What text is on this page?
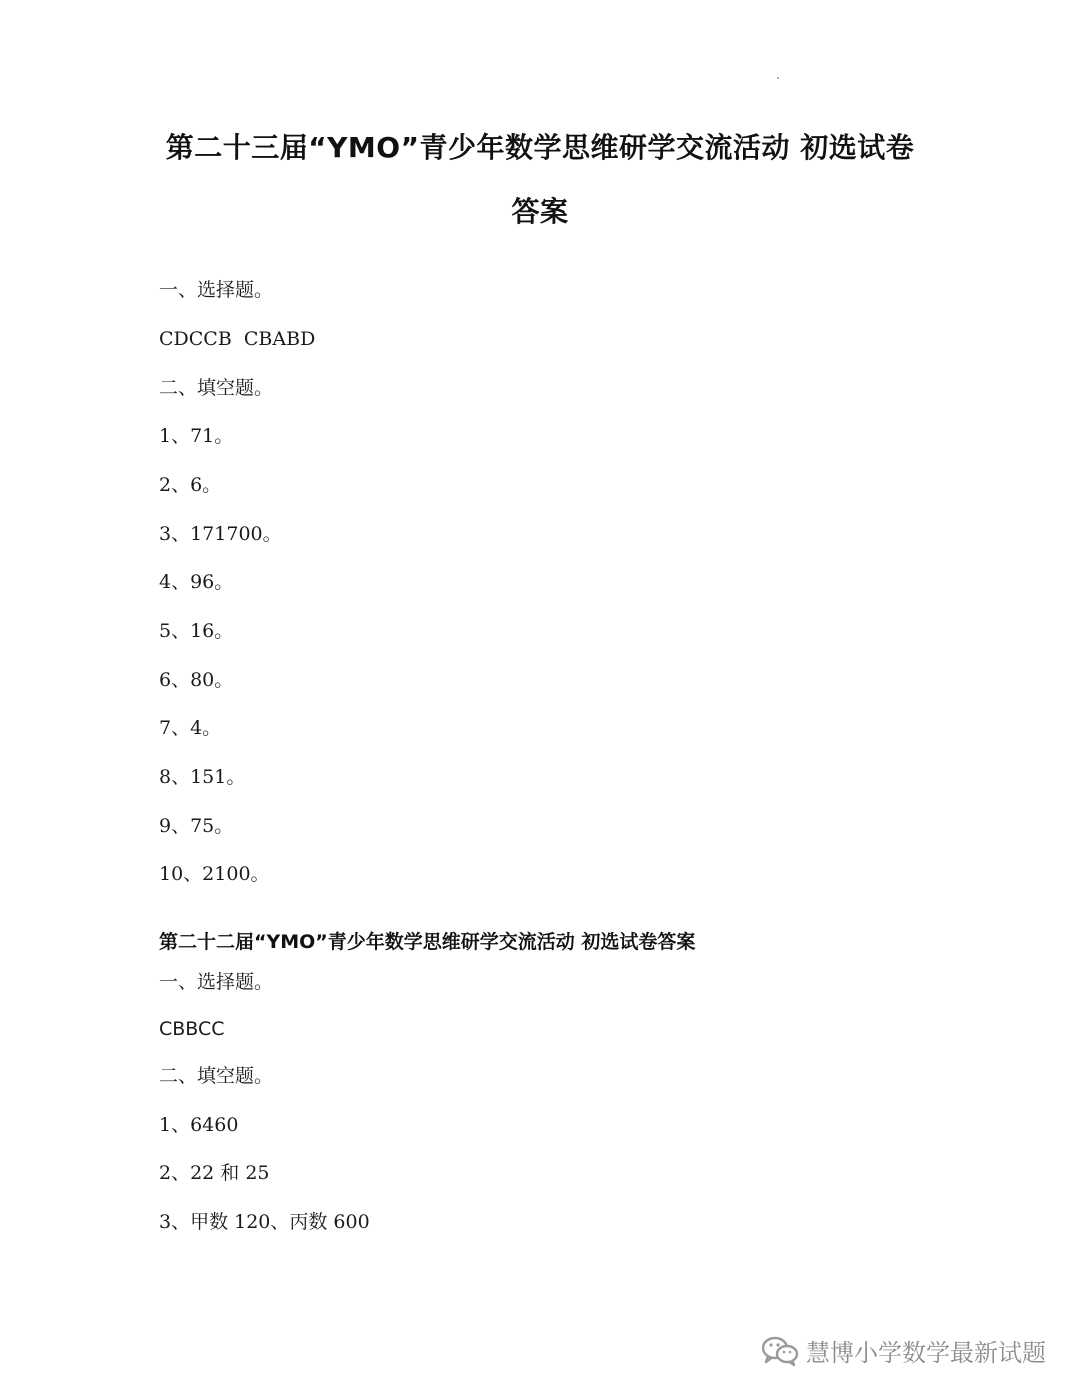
第二十三届“YMO”青少年数学思维研学交流活动 初选试卷
答案
一、选择题。
CDCCB  CBABD
二、填空题。
1、71。
2、6。
3、171700。
4、96。
5、16。
6、80。
7、4。
8、151。
9、75。
10、2100。
第二十二届“YMO”青少年数学思维研学交流活动 初选试卷答案
一、选择题。
CBBCC
二、填空题。
1、6460
2、22 和 25
3、甲数 120、丙数 600
慧博小学数学最新试题
